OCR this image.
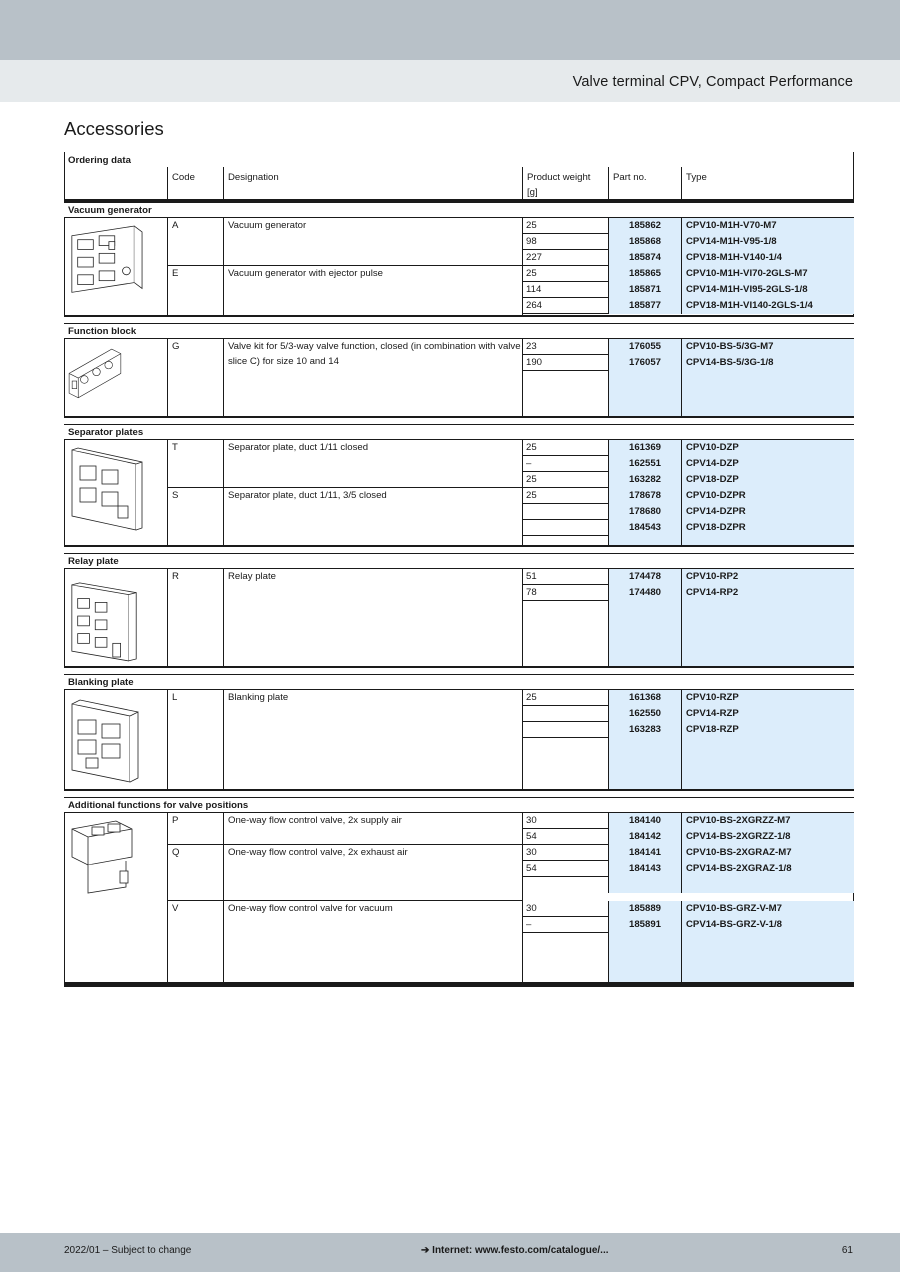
Valve terminal CPV, Compact Performance
Accessories
Ordering data
Code	Designation	Product weight
[g]
Part no.	Type
Vacuum generator
A	Vacuum generator	25	185862	CPV10-M1H-V70-M7
98	185868	CPV14-M1H-V95-1/8
227	185874	CPV18-M1H-V140-1/4
E	Vacuum generator with ejector pulse	25	185865	CPV10-M1H-VI70-2GLS-M7
114	185871	CPV14-M1H-VI95-2GLS-1/8
264	185877	CPV18-M1H-VI140-2GLS-1/4
Function block
G	Valve kit for 5/3-way valve function, closed (in combination with valve slice C) for size 10 and 14
23	176055	CPV10-BS-5/3G-M7
190	176057	CPV14-BS-5/3G-1/8
Separator plates
T	Separator plate, duct 1/11 closed	25	161369	CPV10-DZP
–	162551	CPV14-DZP
25	163282	CPV18-DZP
S	Separator plate, duct 1/11, 3/5 closed	25	178678	CPV10-DZPR
178680	CPV14-DZPR
184543	CPV18-DZPR
Relay plate
R	Relay plate	51	174478	CPV10-RP2
78	174480	CPV14-RP2
Blanking plate
L	Blanking plate	25	161368	CPV10-RZP
162550	CPV14-RZP
163283	CPV18-RZP
Additional functions for valve positions
P	One-way flow control valve, 2x supply air	30	184140	CPV10-BS-2XGRZZ-M7
54	184142	CPV14-BS-2XGRZZ-1/8
Q	One-way flow control valve, 2x exhaust air	30	184141	CPV10-BS-2XGRAZ-M7
54	184143	CPV14-BS-2XGRAZ-1/8
V	One-way flow control valve for vacuum	30	185889	CPV10-BS-GRZ-V-M7
–	185891	CPV14-BS-GRZ-V-1/8
2022/01 – Subject to change	➔ Internet: www.festo.com/catalogue/...	61
